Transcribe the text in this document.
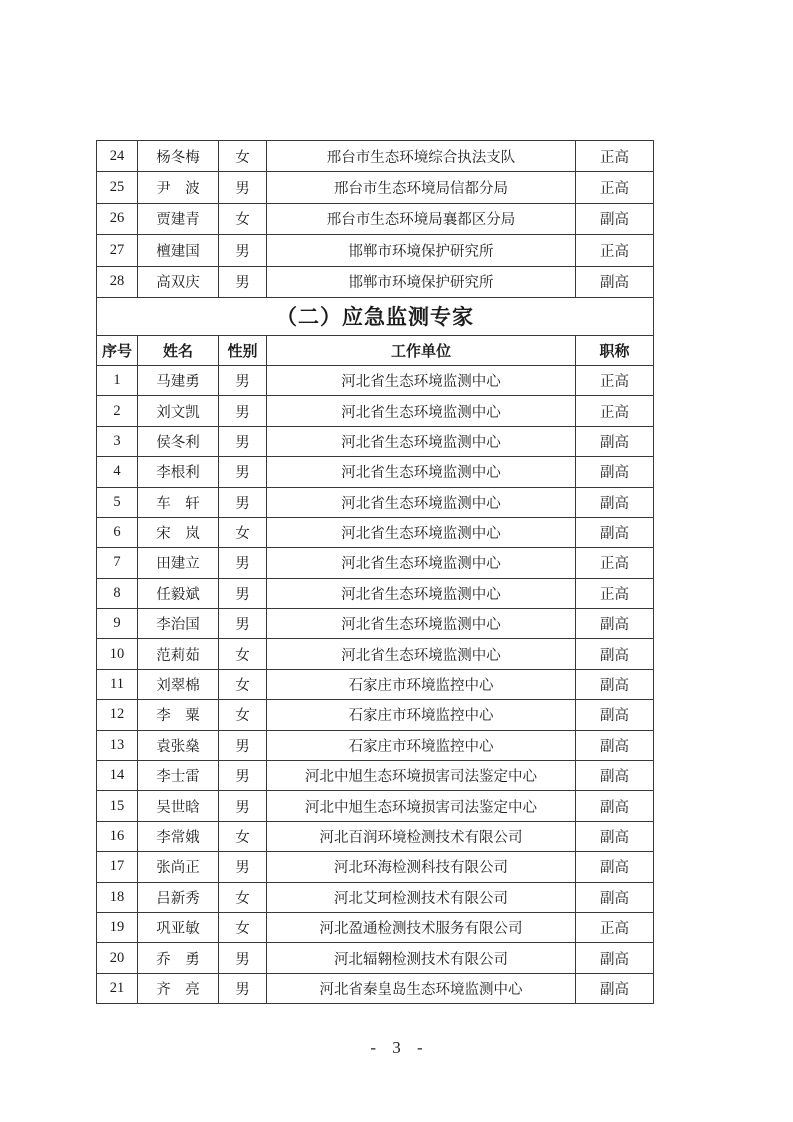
24	杨冬梅	女	邢台市生态环境综合执法支队	正高
25	尹　波	男	邢台市生态环境局信都分局	正高
26	贾建青	女	邢台市生态环境局襄都区分局	副高
27	檀建国	男	邯郸市环境保护研究所	正高
28	高双庆	男	邯郸市环境保护研究所	副高
（二）应急监测专家				
序号	姓名	性别	工作单位	职称
1	马建勇	男	河北省生态环境监测中心	正高
2	刘文凯	男	河北省生态环境监测中心	正高
3	侯冬利	男	河北省生态环境监测中心	副高
4	李根利	男	河北省生态环境监测中心	副高
5	车　轩	男	河北省生态环境监测中心	副高
6	宋　岚	女	河北省生态环境监测中心	副高
7	田建立	男	河北省生态环境监测中心	正高
8	任毅斌	男	河北省生态环境监测中心	正高
9	李治国	男	河北省生态环境监测中心	副高
10	范莉茹	女	河北省生态环境监测中心	副高
11	刘翠棉	女	石家庄市环境监控中心	副高
12	李　粟	女	石家庄市环境监控中心	副高
13	袁张燊	男	石家庄市环境监控中心	副高
14	李士雷	男	河北中旭生态环境损害司法鉴定中心	副高
15	吴世晗	男	河北中旭生态环境损害司法鉴定中心	副高
16	李常娥	女	河北百润环境检测技术有限公司	副高
17	张尚正	男	河北环海检测科技有限公司	副高
18	吕新秀	女	河北艾珂检测技术有限公司	副高
19	巩亚敏	女	河北盈通检测技术服务有限公司	正高
20	乔　勇	男	河北辐翱检测技术有限公司	副高
21	齐　亮	男	河北省秦皇岛生态环境监测中心	副高
- 3 -
